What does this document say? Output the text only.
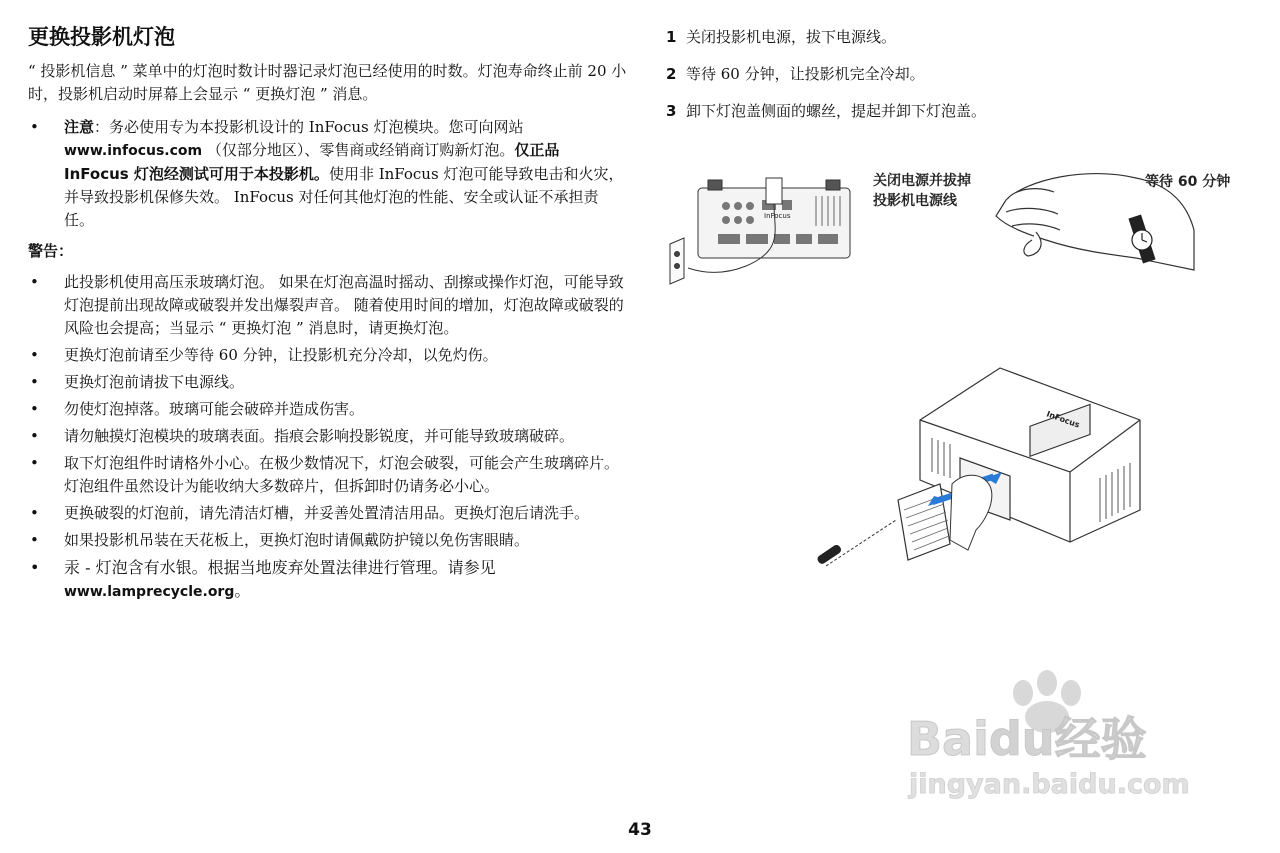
更换投影机灯泡

“ 投影机信息 ” 菜单中的灯泡时数计时器记录灯泡已经使用的时数。灯泡寿命终止前 20 小时，投影机启动时屏幕上会显示 “ 更换灯泡 ” 消息。

• 注意：务必使用专为本投影机设计的 InFocus 灯泡模块。您可向网站 www.infocus.com （仅部分地区）、零售商或经销商订购新灯泡。仅正品 InFocus 灯泡经测试可用于本投影机。使用非 InFocus 灯泡可能导致电击和火灾，并导致投影机保修失效。 InFocus 对任何其他灯泡的性能、安全或认证不承担责任。
警告：
• 此投影机使用高压汞玻璃灯泡。 如果在灯泡高温时摇动、刮擦或操作灯泡，可能导致灯泡提前出现故障或破裂并发出爆裂声音。 随着使用时间的增加，灯泡故障或破裂的风险也会提高；当显示 “ 更换灯泡 ” 消息时，请更换灯泡。
• 更换灯泡前请至少等待 60 分钟，让投影机充分冷却，以免灼伤。
• 更换灯泡前请拔下电源线。
• 勿使灯泡掉落。玻璃可能会破碎并造成伤害。
• 请勿触摸灯泡模块的玻璃表面。指痕会影响投影锐度，并可能导致玻璃破碎。
• 取下灯泡组件时请格外小心。在极少数情况下，灯泡会破裂，可能会产生玻璃碎片。灯泡组件虽然设计为能收纳大多数碎片，但拆卸时仍请务必小心。
• 更换破裂的灯泡前，请先清洁灯槽，并妥善处置清洁用品。更换灯泡后请洗手。
• 如果投影机吊装在天花板上，更换灯泡时请佩戴防护镜以免伤害眼睛。
• 汞 - 灯泡含有水银。根据当地废弃处置法律进行管理。请参见
www.lamprecycle.org。
1 关闭投影机电源，拔下电源线。
2 等待 60 分钟，让投影机完全冷却。
3 卸下灯泡盖侧面的螺丝，提起并卸下灯泡盖。
InFocus
关闭电源并拔掉
投影机电源线
等待 60 分钟
InFocus
43
Baidu经验
jingyan.baidu.com
